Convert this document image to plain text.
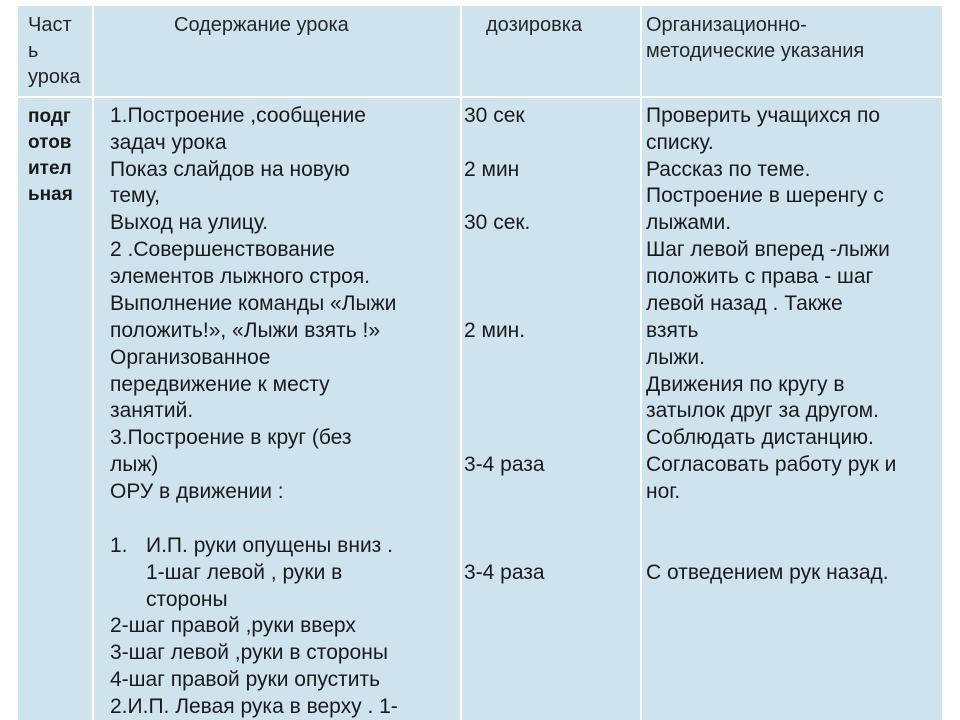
Част
ь
урока
Содержание урока	дозировка	Организационно-
методические указания
подг
отов
ител
ьная
1.Построение ,сообщение
задач урока
Показ слайдов на новую
тему,
Выход на улицу.
2 .Совершенствование
элементов лыжного строя.
Выполнение команды «Лыжи
положить!», «Лыжи взять !»
Организованное
передвижение к месту
занятий.
3.Построение в круг (без
лыж)
ОРУ в движении :
1. И.П. руки опущены вниз .
1-шаг левой , руки в
стороны
2-шаг правой ,руки вверх
3-шаг левой ,руки в стороны
4-шаг правой руки опустить
2.И.П. Левая рука в верху . 1-
30 сек
2 мин
30 сек.
2 мин.
3-4 раза
3-4 раза
Проверить учащихся по
списку.
Рассказ по теме.
Построение в шеренгу с
лыжами.
Шаг левой вперед -лыжи
положить с права - шаг
левой назад . Также
взять
лыжи.
Движения по кругу в
затылок друг за другом.
Соблюдать дистанцию.
Согласовать работу рук и
ног.
С отведением рук назад.
